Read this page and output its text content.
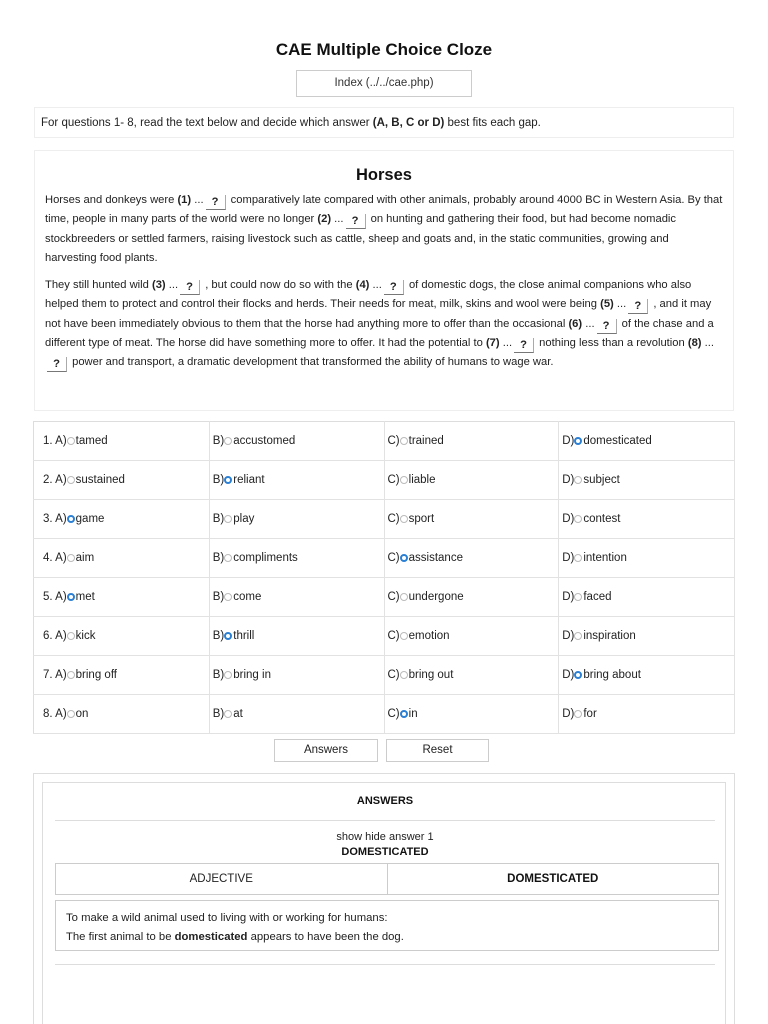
CAE Multiple Choice Cloze
Index (../../cae.php)
For questions 1- 8, read the text below and decide which answer (A, B, C or D) best fits each gap.
Horses

Horses and donkeys were (1) ... ? comparatively late compared with other animals, probably around 4000 BC in Western Asia. By that time, people in many parts of the world were no longer (2) ... ? on hunting and gathering their food, but had become nomadic stockbreeders or settled farmers, raising livestock such as cattle, sheep and goats and, in the static communities, growing and harvesting food plants.

They still hunted wild (3) ... ? , but could now do so with the (4) ... ? of domestic dogs, the close animal companions who also helped them to protect and control their flocks and herds. Their needs for meat, milk, skins and wool were being (5) ... ? , and it may not have been immediately obvious to them that the horse had anything more to offer than the occasional (6) ... ? of the chase and a different type of meat. The horse did have something more to offer. It had the potential to (7) ... ? nothing less than a revolution (8) ...? power and transport, a dramatic development that transformed the ability of humans to wage war.

1. A) tamed	B) accustomed	C) trained	D) domesticated
2. A) sustained	B) reliant	C) liable	D) subject
3. A) game	B) play	C) sport	D) contest
4. A) aim	B) compliments	C) assistance	D) intention
5. A) met	B) come	C) undergone	D) faced
6. A) kick	B) thrill	C) emotion	D) inspiration
7. A) bring off	B) bring in	C) bring out	D) bring about
8. A) on	B) at	C) in	D) for
Answers	Reset
ANSWERS
show hide answer 1
DOMESTICATED
ADJECTIVE	DOMESTICATED
To make a wild animal used to living with or working for humans:
The first animal to be domesticated appears to have been the dog.
